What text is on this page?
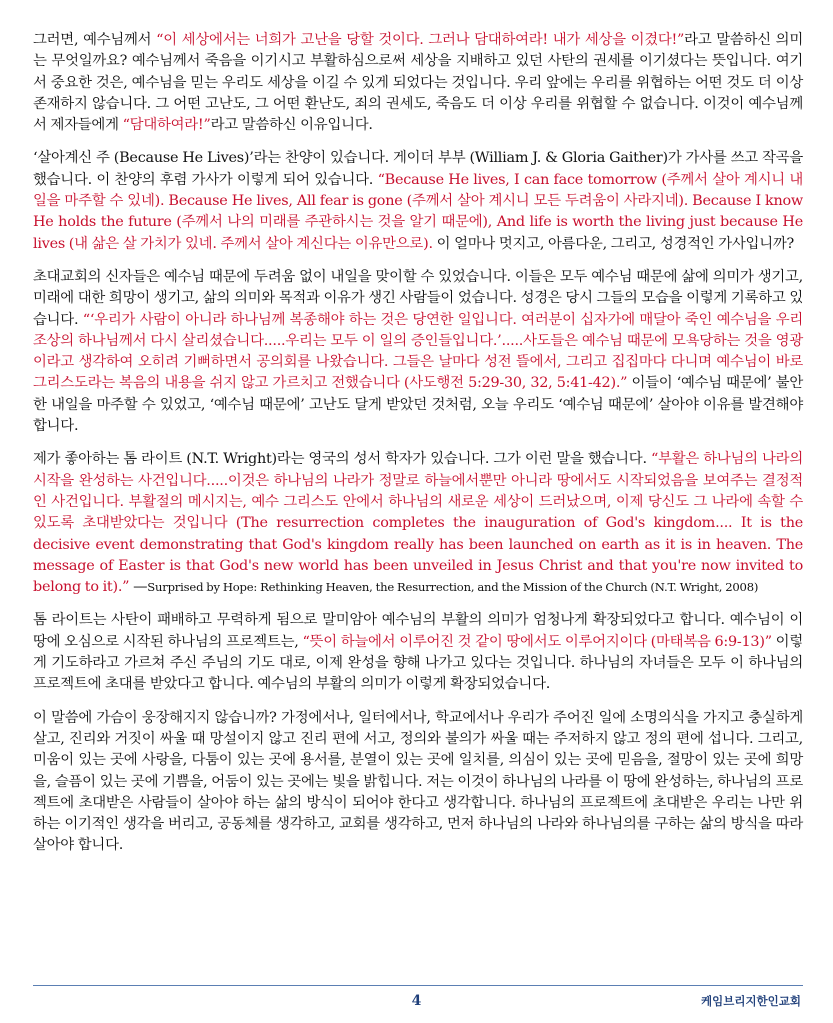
그러면, 예수님께서 “이 세상에서는 너희가 고난을 당할 것이다. 그러나 담대하여라! 내가 세상을 이겼다!”라고 말씀하신 의미는 무엇일까요? 예수님께서 죽음을 이기시고 부활하심으로써 세상을 지배하고 있던 사탄의 권세를 이기셨다는 뜻입니다. 여기서 중요한 것은, 예수님을 믿는 우리도 세상을 이길 수 있게 되었다는 것입니다. 우리 앞에는 우리를 위협하는 어떤 것도 더 이상 존재하지 않습니다. 그 어떤 고난도, 그 어떤 환난도, 죄의 권세도, 죽음도 더 이상 우리를 위협할 수 없습니다. 이것이 예수님께서 제자들에게 “담대하여라!”라고 말씀하신 이유입니다.

‘살아계신 주 (Because He Lives)’라는 찬양이 있습니다. 게이더 부부 (William J. & Gloria Gaither)가 가사를 쓰고 작곡을 했습니다. 이 찬양의 후렴 가사가 이렇게 되어 있습니다. “Because He lives, I can face tomorrow (주께서 살아 계시니 내일을 마주할 수 있네). Because He lives, All fear is gone (주께서 살아 계시니 모든 두려움이 사라지네). Because I know He holds the future (주께서 나의 미래를 주관하시는 것을 알기 때문에), And life is worth the living just because He lives (내 삶은 살 가치가 있네. 주께서 살아 계신다는 이유만으로). 이 얼마나 멋지고, 아름다운, 그리고, 성경적인 가사입니까?

초대교회의 신자들은 예수님 때문에 두려움 없이 내일을 맞이할 수 있었습니다. 이들은 모두 예수님 때문에 삶에 의미가 생기고, 미래에 대한 희망이 생기고, 삶의 의미와 목적과 이유가 생긴 사람들이 었습니다. 성경은 당시 그들의 모습을 이렇게 기록하고 있습니다. “‘우리가 사람이 아니라 하나님께 복종해야 하는 것은 당연한 일입니다. 여러분이 십자가에 매달아 죽인 예수님을 우리 조상의 하나님께서 다시 살리셨습니다.....우리는 모두 이 일의 증인들입니다.’.....사도들은 예수님 때문에 모욕당하는 것을 영광이라고 생각하여 오히려 기뻐하면서 공의회를 나왔습니다. 그들은 날마다 성전 뜰에서, 그리고 집집마다 다니며 예수님이 바로 그리스도라는 복음의 내용을 쉬지 않고 가르치고 전했습니다 (사도행전 5:29-30, 32, 5:41-42).” 이들이 ‘예수님 때문에’ 불안한 내일을 마주할 수 있었고, ‘예수님 때문에’ 고난도 달게 받았던 것처럼, 오늘 우리도 ‘예수님 때문에’ 살아야 이유를 발견해야 합니다.

제가 좋아하는 톰 라이트 (N.T. Wright)라는 영국의 성서 학자가 있습니다. 그가 이런 말을 했습니다. “부활은 하나님의 나라의 시작을 완성하는 사건입니다.....이것은 하나님의 나라가 정말로 하늘에서뿐만 아니라 땅에서도 시작되었음을 보여주는 결정적인 사건입니다. 부활절의 메시지는, 예수 그리스도 안에서 하나님의 새로운 세상이 드러났으며, 이제 당신도 그 나라에 속할 수 있도록 초대받았다는 것입니다 (The resurrection completes the inauguration of God's kingdom.... It is the decisive event demonstrating that God's kingdom really has been launched on earth as it is in heaven. The message of Easter is that God's new world has been unveiled in Jesus Christ and that you're now invited to belong to it).” —Surprised by Hope: Rethinking Heaven, the Resurrection, and the Mission of the Church (N.T. Wright, 2008)

톰 라이트는 사탄이 패배하고 무력하게 됨으로 말미암아 예수님의 부활의 의미가 엄청나게 확장되었다고 합니다. 예수님이 이 땅에 오심으로 시작된 하나님의 프로젝트는, “뜻이 하늘에서 이루어진 것 같이 땅에서도 이루어지이다 (마태복음 6:9-13)” 이렇게 기도하라고 가르쳐 주신 주님의 기도 대로, 이제 완성을 향해 나가고 있다는 것입니다. 하나님의 자녀들은 모두 이 하나님의 프로젝트에 초대를 받았다고 합니다. 예수님의 부활의 의미가 이렇게 확장되었습니다.

이 말씀에 가슴이 웅장해지지 않습니까? 가정에서나, 일터에서나, 학교에서나 우리가 주어진 일에 소명의식을 가지고 충실하게 살고, 진리와 거짓이 싸울 때 망설이지 않고 진리 편에 서고, 정의와 불의가 싸울 때는 주저하지 않고 정의 편에 섭니다. 그리고, 미움이 있는 곳에 사랑을, 다툼이 있는 곳에 용서를, 분열이 있는 곳에 일치를, 의심이 있는 곳에 믿음을, 절망이 있는 곳에 희망을, 슬픔이 있는 곳에 기쁨을, 어둠이 있는 곳에는 빛을 밝힙니다. 저는 이것이 하나님의 나라를 이 땅에 완성하는, 하나님의 프로젝트에 초대받은 사람들이 살아야 하는 삶의 방식이 되어야 한다고 생각합니다. 하나님의 프로젝트에 초대받은 우리는 나만 위하는 이기적인 생각을 버리고, 공동체를 생각하고, 교회를 생각하고, 먼저 하나님의 나라와 하나님의를 구하는 삶의 방식을 따라 살아야 합니다.

4	케임브리지한인교회
